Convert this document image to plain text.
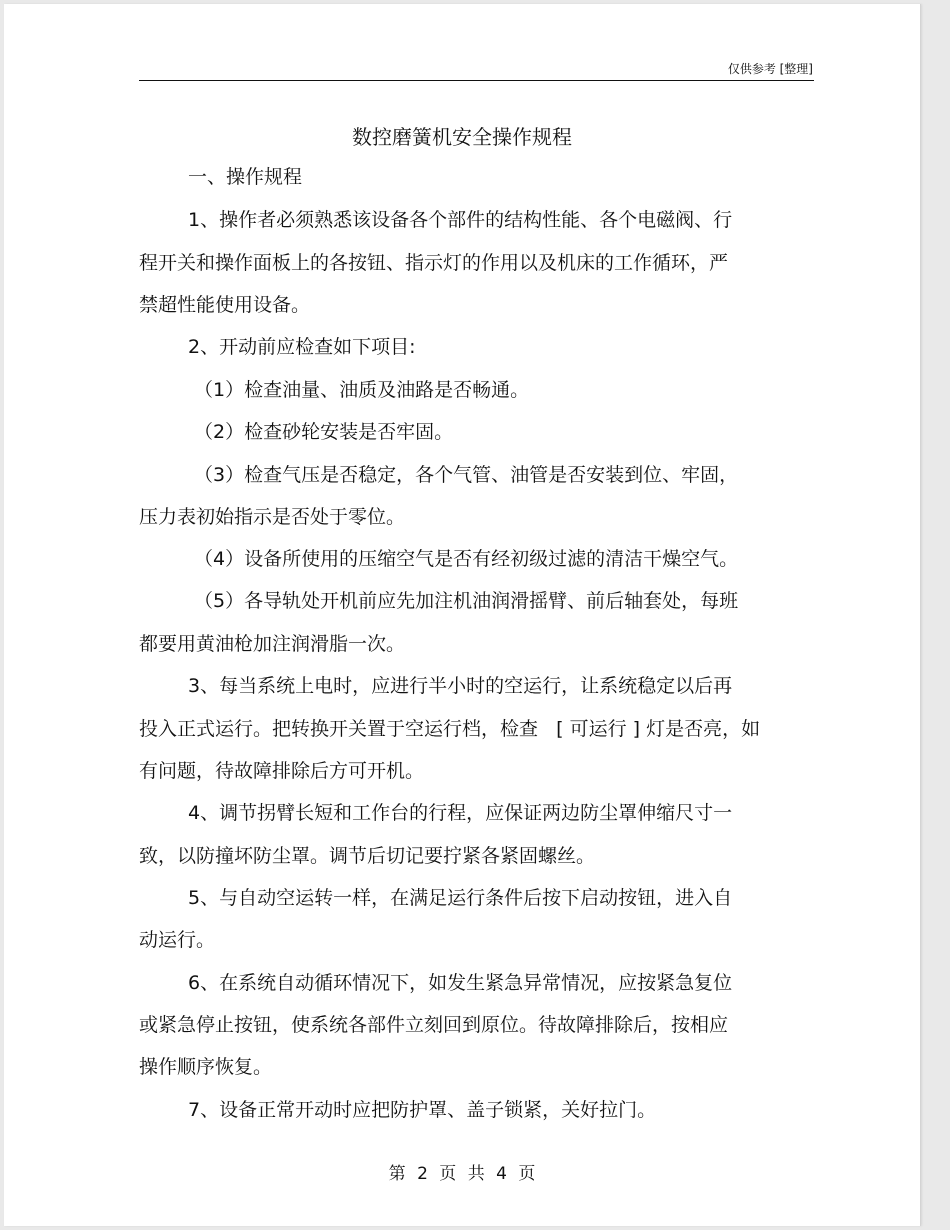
仅供参考 [整理]
数控磨簧机安全操作规程
一、操作规程
1、操作者必须熟悉该设备各个部件的结构性能、各个电磁阀、行
程开关和操作面板上的各按钮、指示灯的作用以及机床的工作循环，严
禁超性能使用设备。
2、开动前应检查如下项目:
（1）检查油量、油质及油路是否畅通。
（2）检查砂轮安装是否牢固。
（3）检查气压是否稳定，各个气管、油管是否安装到位、牢固，
压力表初始指示是否处于零位。
（4）设备所使用的压缩空气是否有经初级过滤的清洁干燥空气。
（5）各导轨处开机前应先加注机油润滑摇臂、前后轴套处，每班
都要用黄油枪加注润滑脂一次。
3、每当系统上电时，应进行半小时的空运行，让系统稳定以后再
投入正式运行。把转换开关置于空运行档，检查   [ 可运行 ] 灯是否亮，如
有问题，待故障排除后方可开机。
4、调节拐臂长短和工作台的行程，应保证两边防尘罩伸缩尺寸一
致，以防撞坏防尘罩。调节后切记要拧紧各紧固螺丝。
5、与自动空运转一样，在满足运行条件后按下启动按钮，进入自
动运行。
6、在系统自动循环情况下，如发生紧急异常情况，应按紧急复位
或紧急停止按钮，使系统各部件立刻回到原位。待故障排除后，按相应
操作顺序恢复。
7、设备正常开动时应把防护罩、盖子锁紧，关好拉门。
第 2 页 共 4 页
